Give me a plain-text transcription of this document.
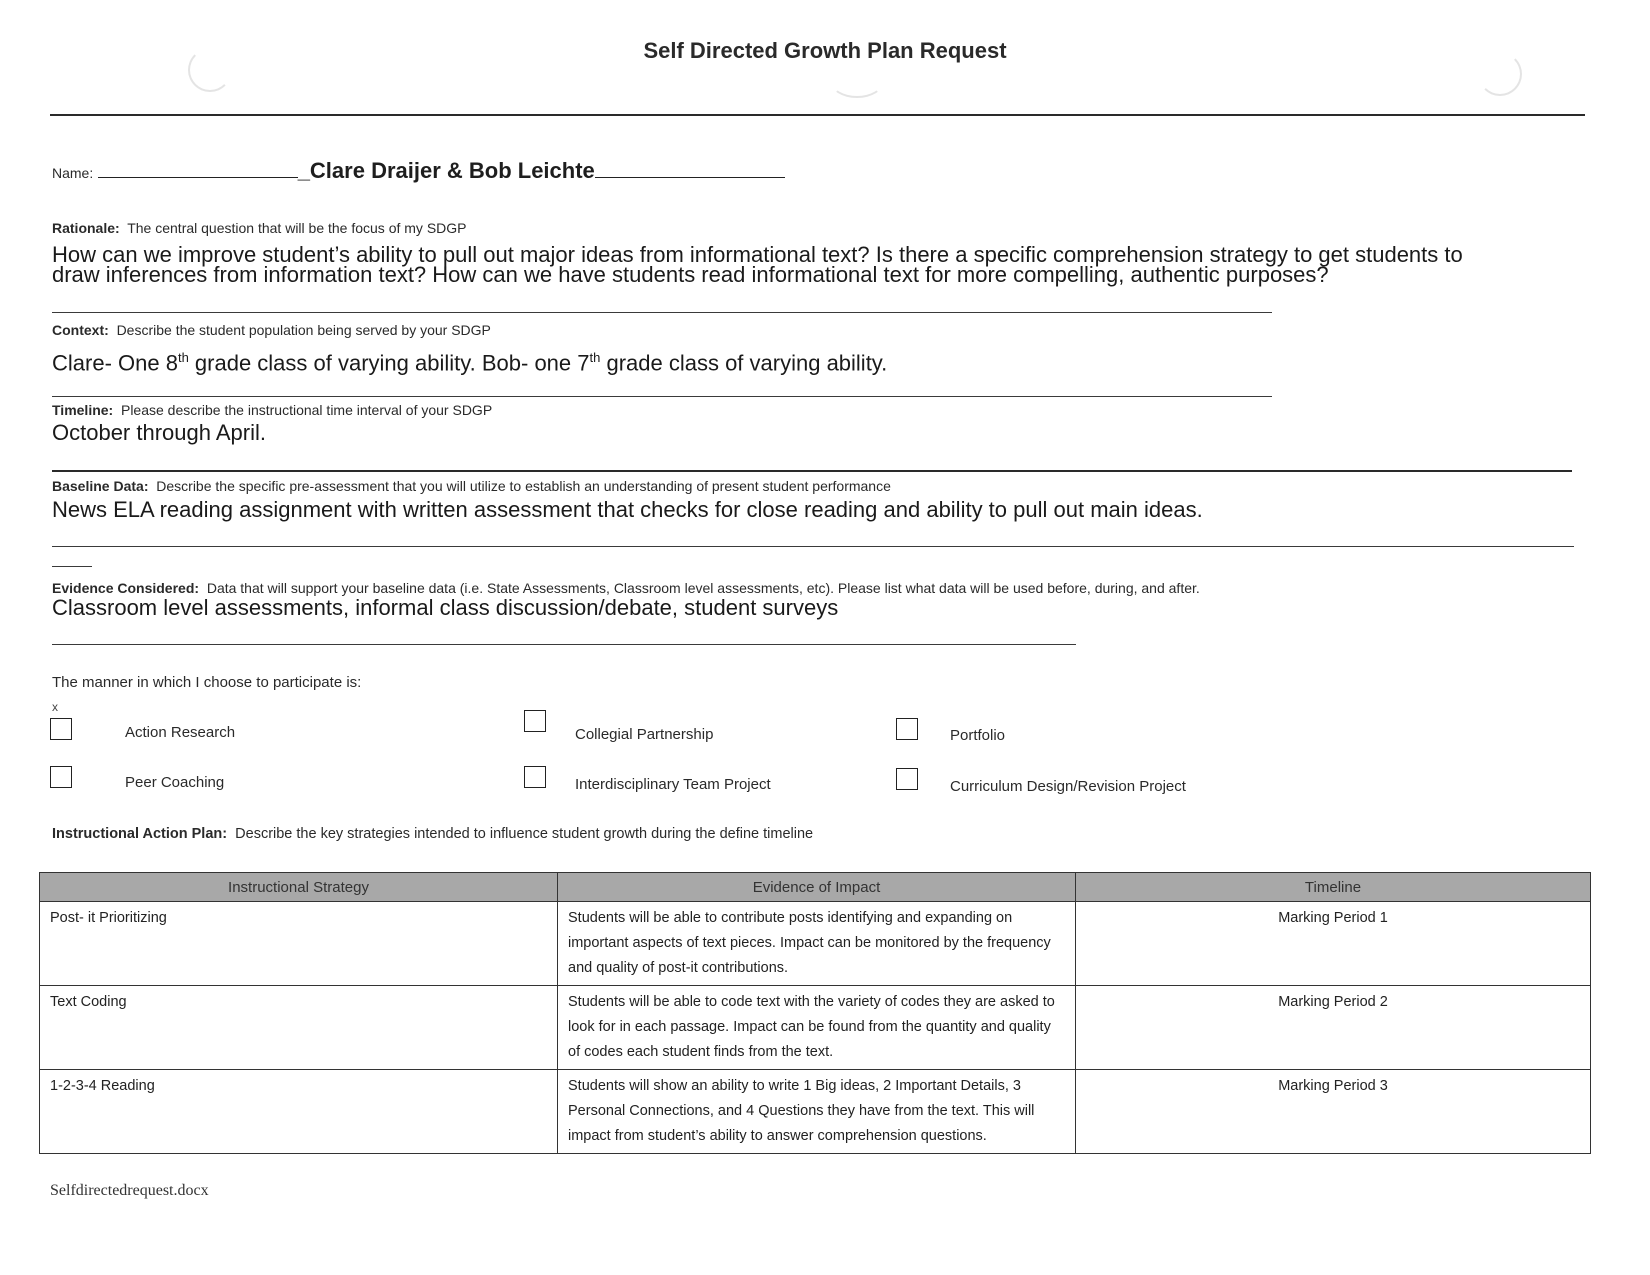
Self Directed Growth Plan Request
Name:	_Clare Draijer & Bob Leichte
Rationale: The central question that will be the focus of my SDGP
How can we improve student’s ability to pull out major ideas from informational text? Is there a specific comprehension strategy to get students to
draw inferences from information text? How can we have students read informational text for more compelling, authentic purposes?
Context: Describe the student population being served by your SDGP
Clare- One 8th grade class of varying ability. Bob- one 7th grade class of varying ability.
Timeline: Please describe the instructional time interval of your SDGP
October through April.
Baseline Data: Describe the specific pre-assessment that you will utilize to establish an understanding of present student performance
News ELA reading assignment with written assessment that checks for close reading and ability to pull out main ideas.
Evidence Considered: Data that will support your baseline data (i.e. State Assessments, Classroom level assessments, etc). Please list what data will be used before, during, and after.
Classroom level assessments, informal class discussion/debate, student surveys
The manner in which I choose to participate is:
x
Action Research	Collegial Partnership	Portfolio
Peer Coaching	Interdisciplinary Team Project	Curriculum Design/Revision Project
Instructional Action Plan: Describe the key strategies intended to influence student growth during the define timeline
Instructional Strategy	Evidence of Impact	Timeline
Post- it Prioritizing	Students will be able to contribute posts identifying and expanding on important aspects of text pieces. Impact can be monitored by the frequency and quality of post-it contributions.	Marking Period 1
Text Coding	Students will be able to code text with the variety of codes they are asked to look for in each passage. Impact can be found from the quantity and quality of codes each student finds from the text.	Marking Period 2
1-2-3-4 Reading	Students will show an ability to write 1 Big ideas, 2 Important Details, 3 Personal Connections, and 4 Questions they have from the text. This will impact from student’s ability to answer comprehension questions.	Marking Period 3
Selfdirectedrequest.docx
